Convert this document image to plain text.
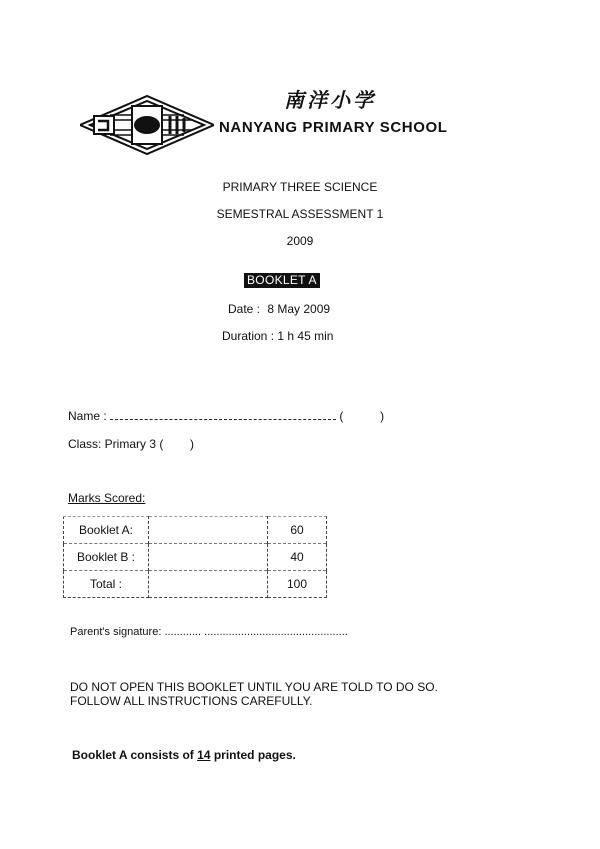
南洋小学
NANYANG PRIMARY SCHOOL
PRIMARY THREE SCIENCE
SEMESTRAL ASSESSMENT 1
2009
BOOKLET A
Date : 8 May 2009
Duration : 1 h 45 min
Name :	(	)
Class: Primary 3 ( )
Marks Scored:
Booklet A:		60
Booklet B :		40
Total :		100
Parent's signature: ............ ...............................................
DO NOT OPEN THIS BOOKLET UNTIL YOU ARE TOLD TO DO SO.
FOLLOW ALL INSTRUCTIONS CAREFULLY.
Booklet A consists of 14 printed pages.
